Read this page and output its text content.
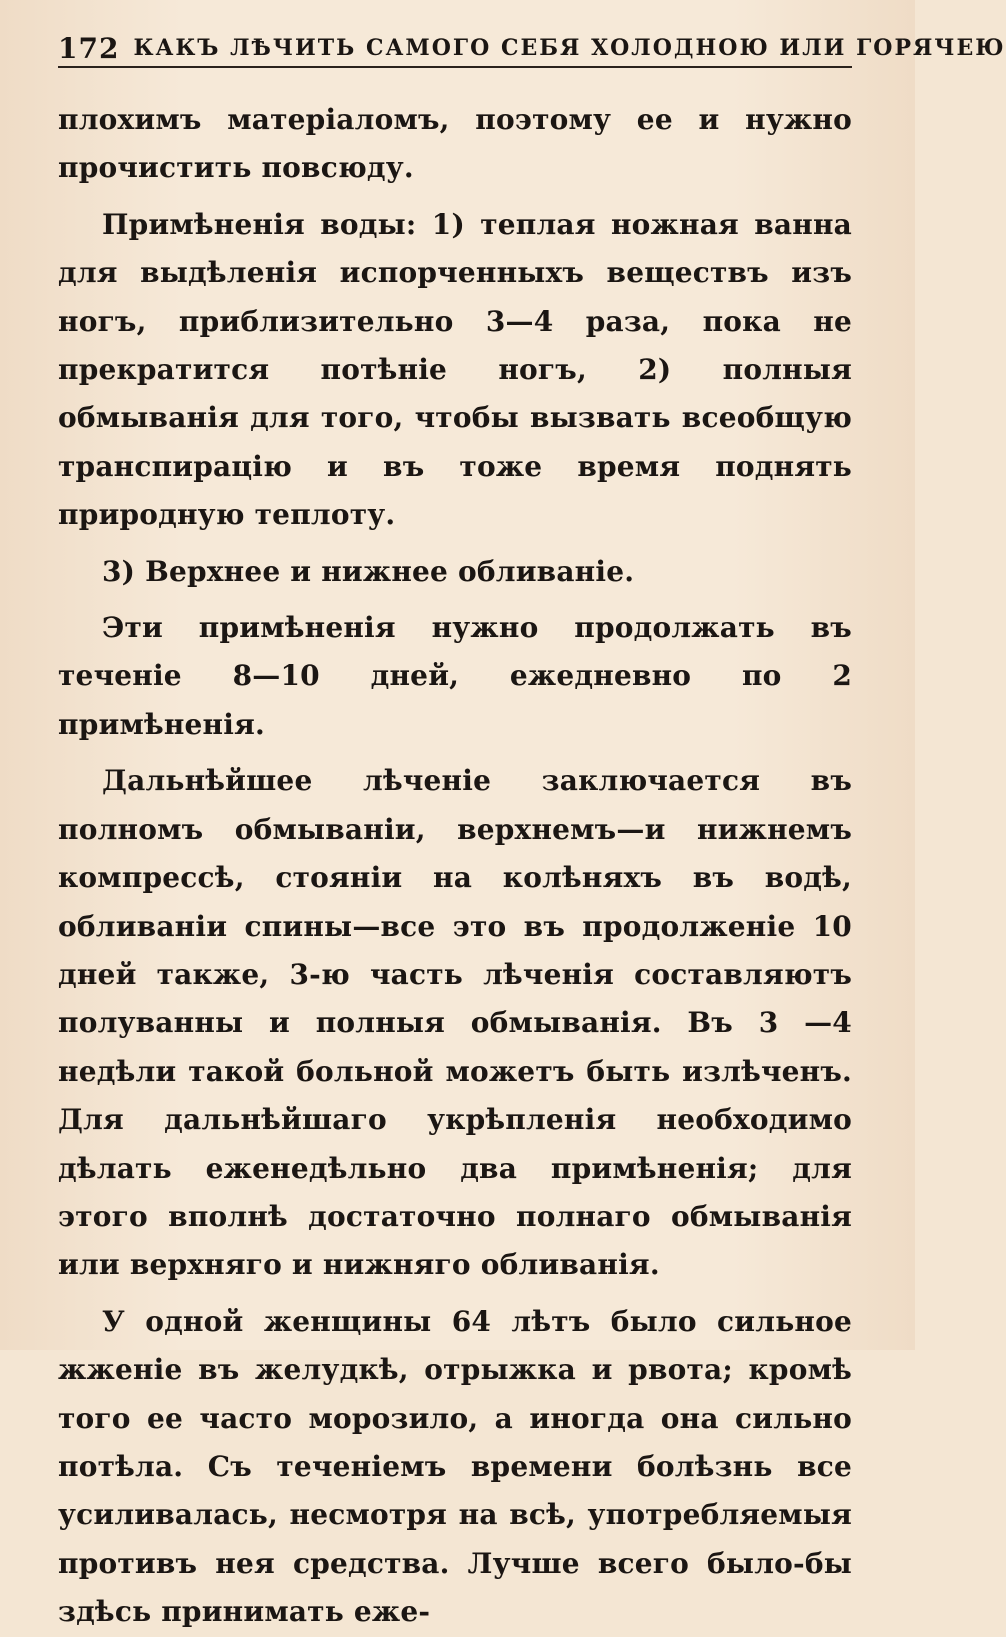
172 КАКЪ ЛѢЧИТЬ САМОГО СЕБЯ ХОЛОДНОЮ ИЛИ ГОРЯЧЕЮ

плохимъ матеріаломъ, поэтому ее и нужно прочистить повсюду.

Примѣненія воды: 1) теплая ножная ванна для выдѣленія испорченныхъ веществъ изъ ногъ, приблизительно 3—4 раза, пока не прекратится потѣніе ногъ, 2) полныя обмыванія для того, чтобы вызвать всеобщую транспирацію и въ тоже время поднять природную теплоту.

3) Верхнее и нижнее обливаніе.

Эти примѣненія нужно продолжать въ теченіе 8—10 дней, ежедневно по 2 примѣненія.

Дальнѣйшее лѣченіе заключается въ полномъ обмываніи, верхнемъ—и нижнемъ компрессѣ, стояніи на колѣняхъ въ водѣ, обливаніи спины—все это въ продолженіе 10 дней также, 3-ю часть лѣченія составляютъ полуванны и полныя обмыванія. Въ 3 —4 недѣли такой больной можетъ быть излѣченъ. Для дальнѣйшаго укрѣпленія необходимо дѣлать еженедѣльно два примѣненія; для этого вполнѣ достаточно полнаго обмыванія или верхняго и нижняго обливанія.

У одной женщины 64 лѣтъ было сильное жженіе въ желудкѣ, отрыжка и рвота; кромѣ того ее часто морозило, а иногда она сильно потѣла. Съ теченіемъ времени болѣзнь все усиливалась, несмотря на всѣ, употребляемыя противъ нея средства. Лучше всего было-бы здѣсь принимать еже-
